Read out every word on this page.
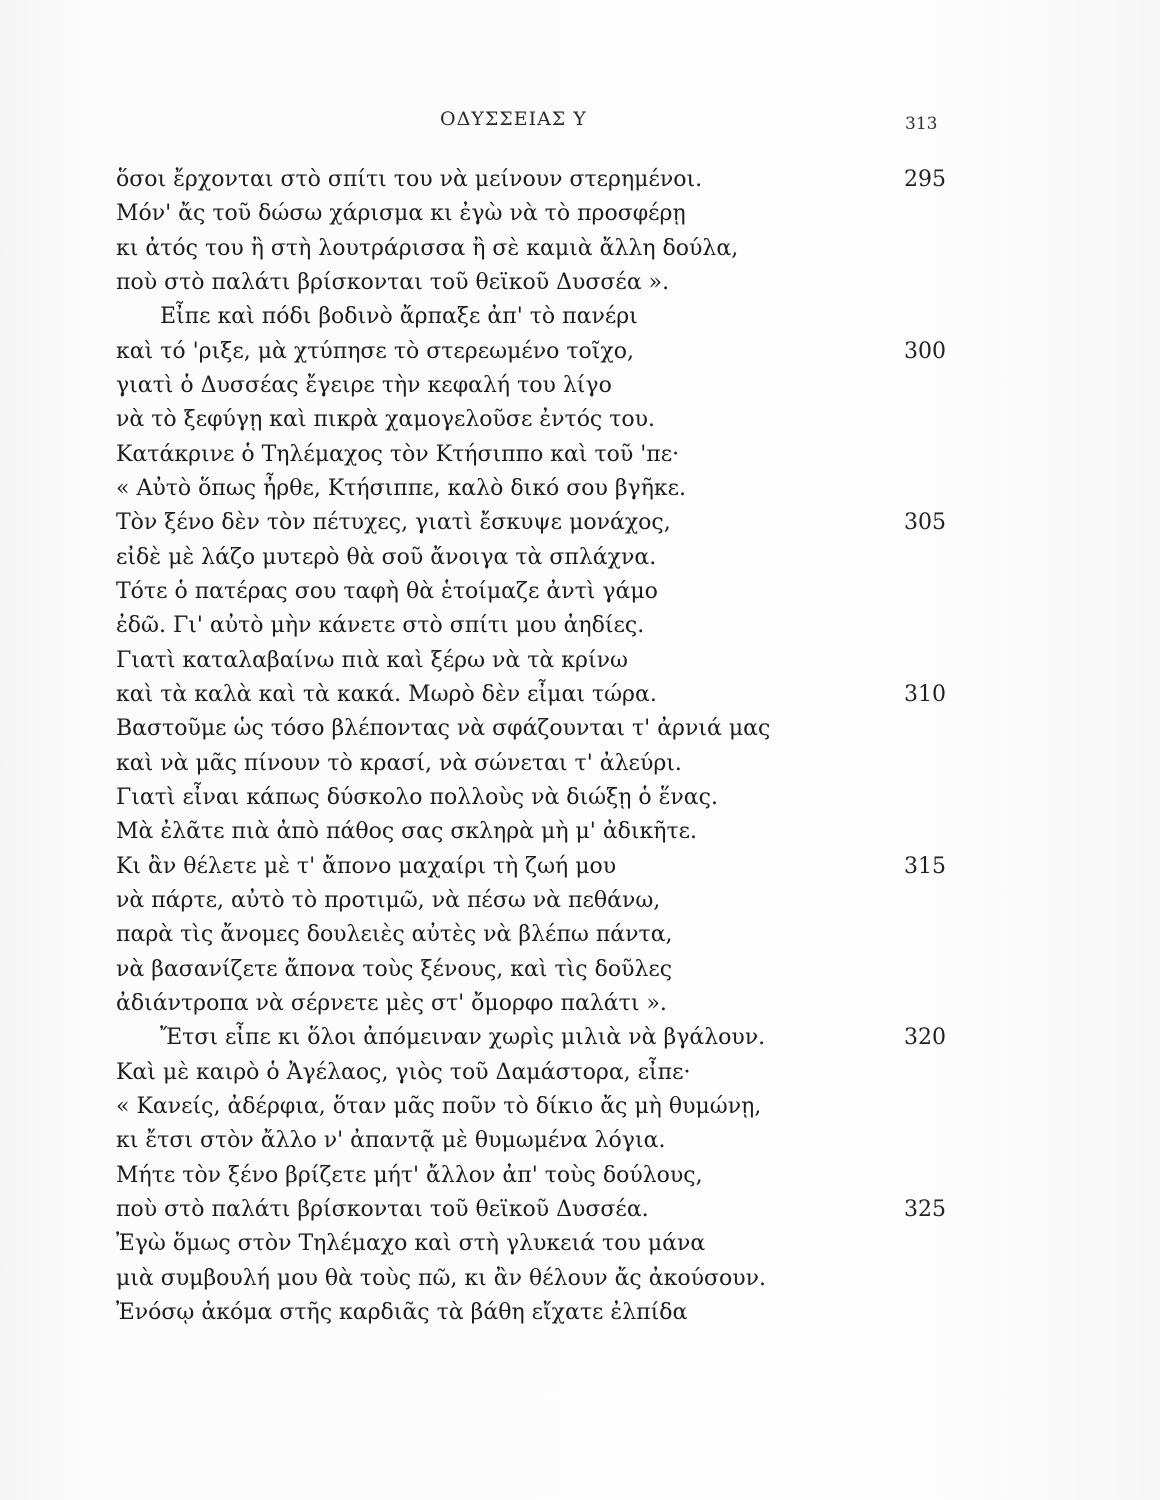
ΟΔΥΣΣΕΙΑΣ Υ	313
ὅσοι ἔρχονται στὸ σπίτι του νὰ μείνουν στερημένοι.	295
Μόν' ἄς τοῦ δώσω χάρισμα κι ἐγὼ νὰ τὸ προσφέρῃ
κι ἀτός του ἢ στὴ λουτράρισσα ἢ σὲ καμιὰ ἄλλη δούλα,
ποὺ στὸ παλάτι βρίσκονται τοῦ θεϊκοῦ Δυσσέα ».
Εἶπε καὶ πόδι βοδινὸ ἄρπαξε ἀπ' τὸ πανέρι
καὶ τό 'ριξε, μὰ χτύπησε τὸ στερεωμένο τοῖχο,	300
γιατὶ ὁ Δυσσέας ἔγειρε τὴν κεφαλή του λίγο
νὰ τὸ ξεφύγῃ καὶ πικρὰ χαμογελοῦσε ἐντός του.
Κατάκρινε ὁ Τηλέμαχος τὸν Κτήσιππο καὶ τοῦ 'πε·
« Αὐτὸ ὅπως ἦρθε, Κτήσιππε, καλὸ δικό σου βγῆκε.
Τὸν ξένο δὲν τὸν πέτυχες, γιατὶ ἔσκυψε μονάχος,	305
εἰδὲ μὲ λάζο μυτερὸ θὰ σοῦ ἄνοιγα τὰ σπλάχνα.
Τότε ὁ πατέρας σου ταφὴ θὰ ἑτοίμαζε ἀντὶ γάμο
ἐδῶ. Γι' αὐτὸ μὴν κάνετε στὸ σπίτι μου ἀηδίες.
Γιατὶ καταλαβαίνω πιὰ καὶ ξέρω νὰ τὰ κρίνω
καὶ τὰ καλὰ καὶ τὰ κακά. Μωρὸ δὲν εἶμαι τώρα.	310
Βαστοῦμε ὡς τόσο βλέποντας νὰ σφάζουνται τ' ἀρνιά μας
καὶ νὰ μᾶς πίνουν τὸ κρασί, νὰ σώνεται τ' ἀλεύρι.
Γιατὶ εἶναι κάπως δύσκολο πολλοὺς νὰ διώξῃ ὁ ἕνας.
Μὰ ἐλᾶτε πιὰ ἀπὸ πάθος σας σκληρὰ μὴ μ' ἀδικῆτε.
Κι ἂν θέλετε μὲ τ' ἄπονο μαχαίρι τὴ ζωή μου	315
νὰ πάρτε, αὐτὸ τὸ προτιμῶ, νὰ πέσω νὰ πεθάνω,
παρὰ τὶς ἄνομες δουλειὲς αὐτὲς νὰ βλέπω πάντα,
νὰ βασανίζετε ἄπονα τοὺς ξένους, καὶ τὶς δοῦλες
ἀδιάντροπα νὰ σέρνετε μὲς στ' ὄμορφο παλάτι ».
Ἔτσι εἶπε κι ὅλοι ἀπόμειναν χωρὶς μιλιὰ νὰ βγάλουν.	320
Καὶ μὲ καιρὸ ὁ Ἀγέλαος, γιὸς τοῦ Δαμάστορα, εἶπε·
« Κανείς, ἀδέρφια, ὅταν μᾶς ποῦν τὸ δίκιο ἄς μὴ θυμώνῃ,
κι ἔτσι στὸν ἄλλο ν' ἀπαντᾷ μὲ θυμωμένα λόγια.
Μήτε τὸν ξένο βρίζετε μήτ' ἄλλον ἀπ' τοὺς δούλους,
ποὺ στὸ παλάτι βρίσκονται τοῦ θεϊκοῦ Δυσσέα.	325
Ἐγὼ ὅμως στὸν Τηλέμαχο καὶ στὴ γλυκειά του μάνα
μιὰ συμβουλή μου θὰ τοὺς πῶ, κι ἂν θέλουν ἄς ἀκούσουν.
Ἐνόσῳ ἀκόμα στῆς καρδιᾶς τὰ βάθη εἴχατε ἐλπίδα
